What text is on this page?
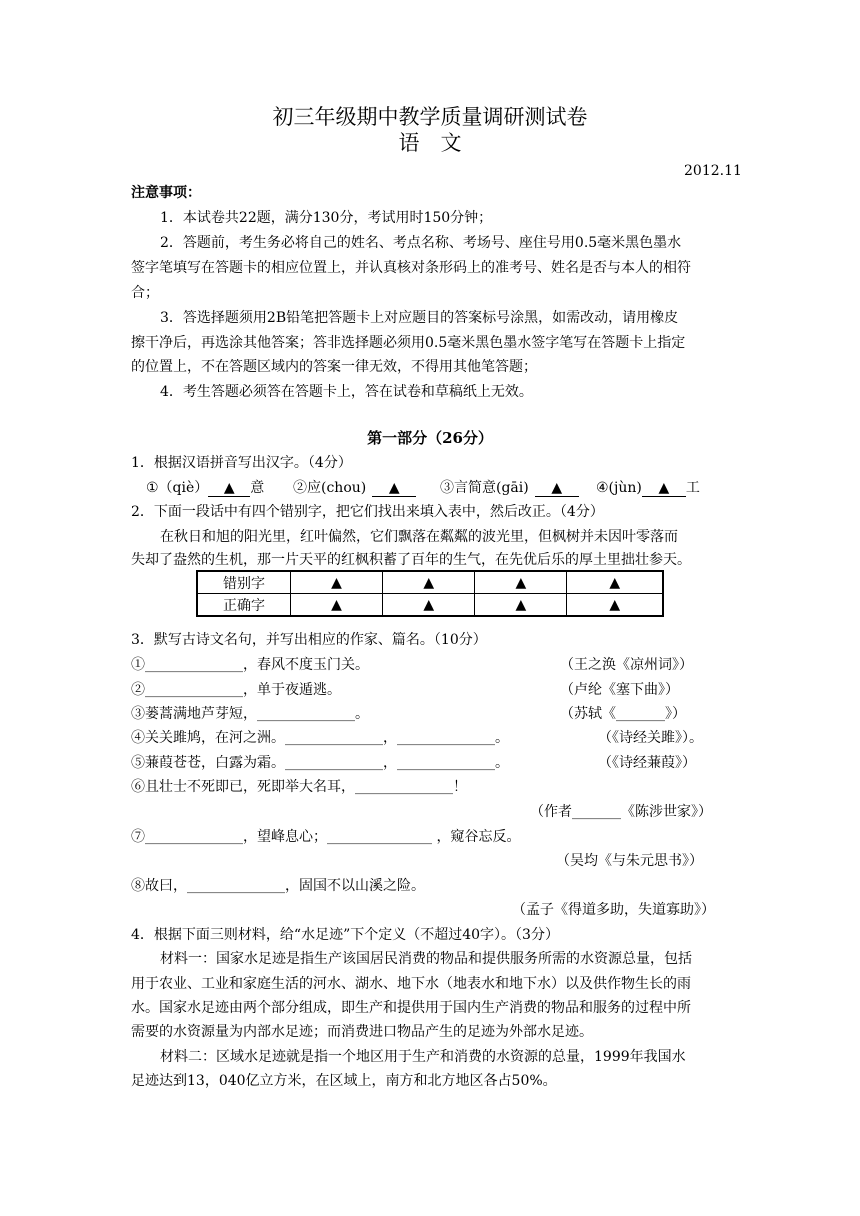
初三年级期中教学质量调研测试卷
语　文
2012.11
注意事项：
1．本试卷共22题，满分130分，考试用时150分钟；
2．答题前，考生务必将自己的姓名、考点名称、考场号、座住号用0.5毫米黑色墨水
签字笔填写在答题卡的相应位置上，并认真核对条形码上的准考号、姓名是否与本人的相符
合；
3．答选择题须用2B铅笔把答题卡上对应题目的答案标号涂黑，如需改动，请用橡皮
擦干净后，再选涂其他答案；答非选择题必须用0.5毫米黑色墨水签字笔写在答题卡上指定
的位置上，不在答题区域内的答案一律无效，不得用其他笔答题；
4．考生答题必须答在答题卡上，答在试卷和草稿纸上无效。
第一部分（26分）
1．根据汉语拼音写出汉字。（4分）
①（qiè） ▲ 意 ②应(chou) ▲	③言简意(gāi) ▲	④(jùn) ▲ 工
2．下面一段话中有四个错别字，把它们找出来填入表中，然后改正。（4分）
在秋日和旭的阳光里，红叶偏然，它们飘落在粼粼的波光里，但枫树并未因叶零落而
失却了盎然的生机，那一片天平的红枫积蓄了百年的生气，在先优后乐的厚土里拙壮参天。
错别字	▲	▲	▲	▲
正确字	▲	▲	▲	▲
3．默写古诗文名句，并写出相应的作家、篇名。（10分）
①______________，春风不度玉门关。	（王之涣《凉州词》）
②______________，单于夜遁逃。	（卢纶《塞下曲》）
③蒌蒿满地芦芽短，______________。	（苏轼《_______》）
④关关雎鸠，在河之洲。______________，______________。	（《诗经关雎》）。
⑤蒹葭苍苍，白露为霜。______________，______________。	（《诗经蒹葭》）
⑥且壮士不死即已，死即举大名耳，______________！
（作者_______《陈涉世家》）
⑦______________，望峰息心；_______________ ，窥谷忘反。
（吴均《与朱元思书》）
⑧故曰，______________，固国不以山溪之险。
（孟子《得道多助，失道寡助》）
4．根据下面三则材料，给“水足迹”下个定义（不超过40字）。（3分）
材料一：国家水足迹是指生产该国居民消费的物品和提供服务所需的水资源总量，包括
用于农业、工业和家庭生活的河水、湖水、地下水（地表水和地下水）以及供作物生长的雨
水。国家水足迹由两个部分组成，即生产和提供用于国内生产消费的物品和服务的过程中所
需要的水资源量为内部水足迹；而消费进口物品产生的足迹为外部水足迹。
材料二：区域水足迹就是指一个地区用于生产和消费的水资源的总量，1999年我国水
足迹达到13，040亿立方米，在区域上，南方和北方地区各占50%。
